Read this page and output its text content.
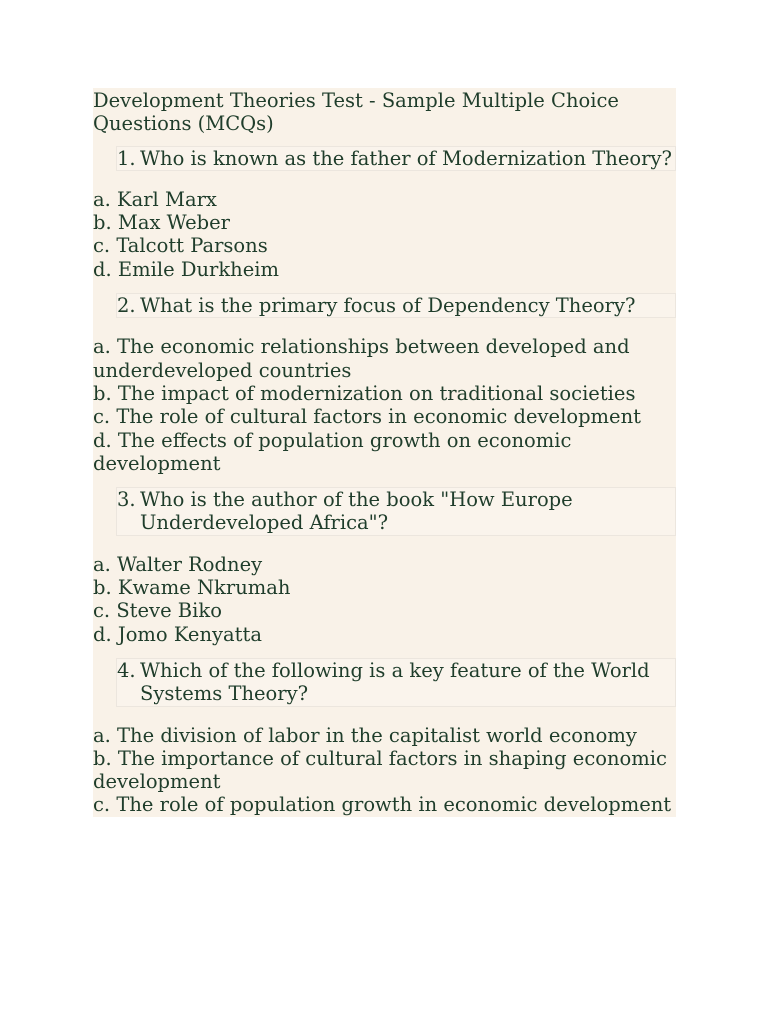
Development Theories Test - Sample Multiple Choice Questions (MCQs)
1. Who is known as the father of Modernization Theory?
a. Karl Marx
b. Max Weber
c. Talcott Parsons
d. Emile Durkheim
2. What is the primary focus of Dependency Theory?
a. The economic relationships between developed and underdeveloped countries
b. The impact of modernization on traditional societies
c. The role of cultural factors in economic development
d. The effects of population growth on economic development
3. Who is the author of the book "How Europe Underdeveloped Africa"?
a. Walter Rodney
b. Kwame Nkrumah
c. Steve Biko
d. Jomo Kenyatta
4. Which of the following is a key feature of the World Systems Theory?
a. The division of labor in the capitalist world economy
b. The importance of cultural factors in shaping economic development
c. The role of population growth in economic development
